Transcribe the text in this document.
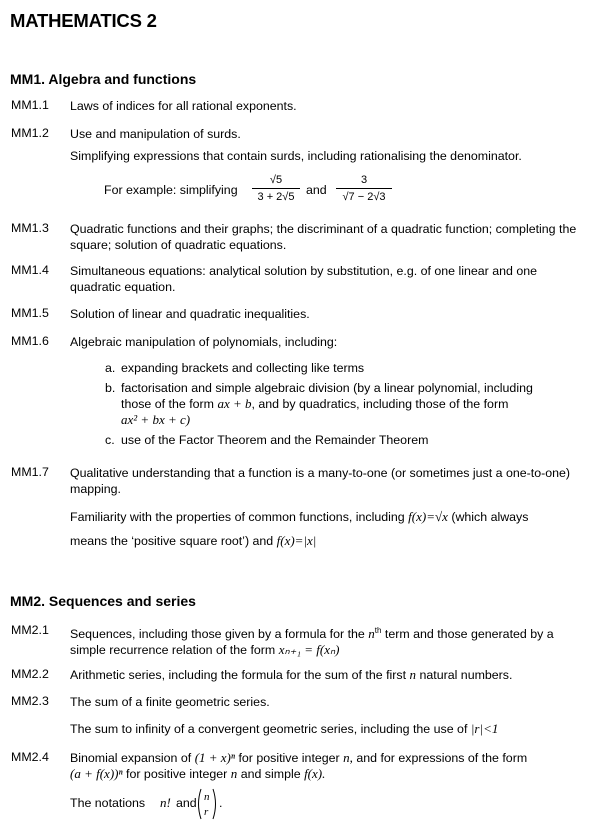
MATHEMATICS 2
MM1. Algebra and functions
MM1.1 Laws of indices for all rational exponents.
MM1.2 Use and manipulation of surds.
Simplifying expressions that contain surds, including rationalising the denominator.
For example: simplifying $\frac{√5}{3 + 2√5}$ and $\frac{3}{√7 - 2√3}$
MM1.3 Quadratic functions and their graphs; the discriminant of a quadratic function; completing the square; solution of quadratic equations.
MM1.4 Simultaneous equations: analytical solution by substitution, e.g. of one linear and one quadratic equation.
MM1.5 Solution of linear and quadratic inequalities.
MM1.6 Algebraic manipulation of polynomials, including:
a. expanding brackets and collecting like terms
b. factorisation and simple algebraic division (by a linear polynomial, including
those of the form ax + b, and by quadratics, including those of the form
ax² + bx + c)
c. use of the Factor Theorem and the Remainder Theorem
MM1.7 Qualitative understanding that a function is a many-to-one (or sometimes just a one-to-one) mapping.
Familiarity with the properties of common functions, including f(x)=√x (which always
means the ‘positive square root’) and f(x)=|x|
MM2. Sequences and series
MM2.1 Sequences, including those given by a formula for the $n^{th}$ term and those generated by a
simple recurrence relation of the form xₙ₊₁ = f(xₙ)
MM2.2 Arithmetic series, including the formula for the sum of the first n natural numbers.
MM2.3 The sum of a finite geometric series.
The sum to infinity of a convergent geometric series, including the use of |r|<1
MM2.4 Binomial expansion of (1 + x)ⁿ for positive integer n, and for expressions of the form
(a + f(x))ⁿ for positive integer n and simple f(x).
The notations n! and n
r
.
